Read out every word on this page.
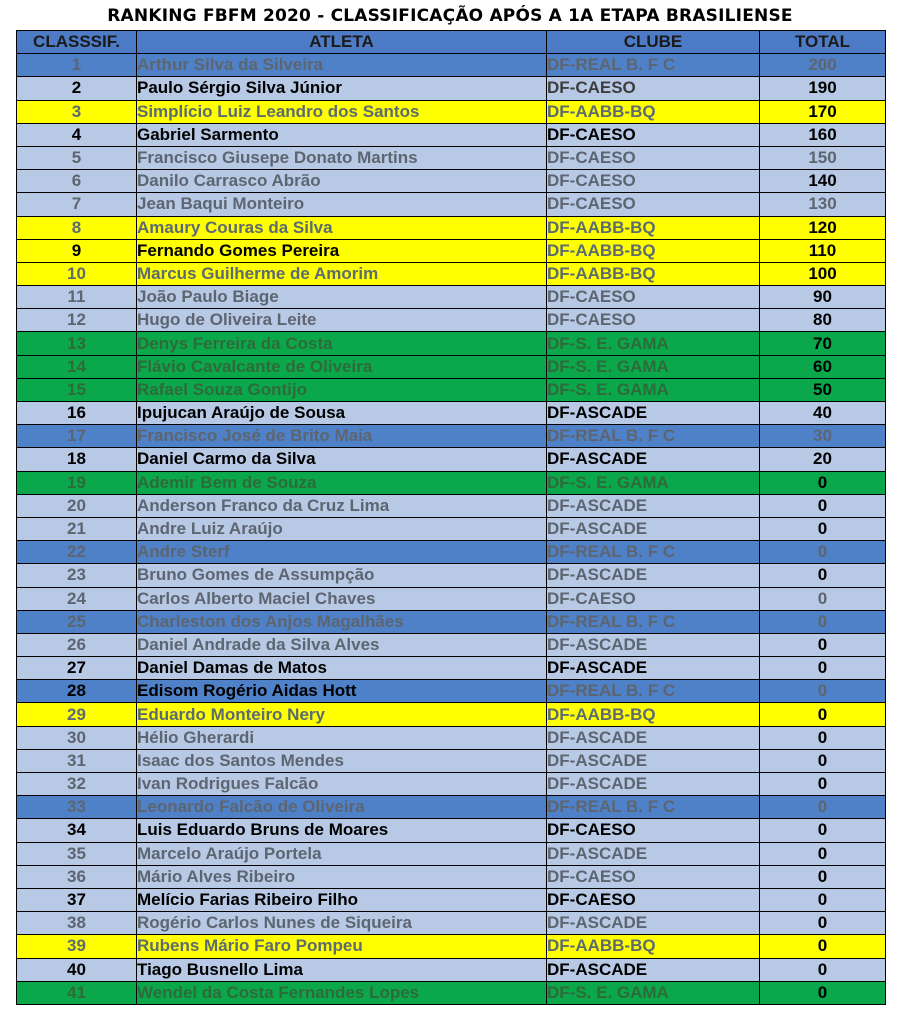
RANKING FBFM 2020 - CLASSIFICAÇÃO APÓS A 1A ETAPA BRASILIENSE
CLASSSIF.	ATLETA	CLUBE	TOTAL
1	Arthur Silva da Silveira	DF-REAL B. F C	200
2	Paulo Sérgio Silva Júnior	DF-CAESO	190
3	Simplício Luiz Leandro dos Santos	DF-AABB-BQ	170
4	Gabriel Sarmento	DF-CAESO	160
5	Francisco Giusepe Donato Martins	DF-CAESO	150
6	Danilo Carrasco Abrão	DF-CAESO	140
7	Jean Baqui Monteiro	DF-CAESO	130
8	Amaury Couras da Silva	DF-AABB-BQ	120
9	Fernando Gomes Pereira	DF-AABB-BQ	110
10	Marcus Guilherme de Amorim	DF-AABB-BQ	100
11	João Paulo Biage	DF-CAESO	90
12	Hugo de Oliveira Leite	DF-CAESO	80
13	Denys Ferreira da Costa	DF-S. E. GAMA	70
14	Flávio Cavalcante de Oliveira	DF-S. E. GAMA	60
15	Rafael Souza Gontijo	DF-S. E. GAMA	50
16	Ipujucan Araújo de Sousa	DF-ASCADE	40
17	Francisco José de Brito Maia	DF-REAL B. F C	30
18	Daniel Carmo da Silva	DF-ASCADE	20
19	Ademir Bem de Souza	DF-S. E. GAMA	0
20	Anderson Franco da Cruz Lima	DF-ASCADE	0
21	Andre Luiz Araújo	DF-ASCADE	0
22	Andre Sterf	DF-REAL B. F C	0
23	Bruno Gomes de Assumpção	DF-ASCADE	0
24	Carlos Alberto Maciel Chaves	DF-CAESO	0
25	Charleston dos Anjos Magalhães	DF-REAL B. F C	0
26	Daniel Andrade da Silva Alves	DF-ASCADE	0
27	Daniel Damas de Matos	DF-ASCADE	0
28	Edisom Rogério Aidas Hott	DF-REAL B. F C	0
29	Eduardo Monteiro Nery	DF-AABB-BQ	0
30	Hélio Gherardi	DF-ASCADE	0
31	Isaac dos Santos Mendes	DF-ASCADE	0
32	Ivan Rodrigues Falcão	DF-ASCADE	0
33	Leonardo Falcão de Oliveira	DF-REAL B. F C	0
34	Luis Eduardo Bruns de Moares	DF-CAESO	0
35	Marcelo Araújo Portela	DF-ASCADE	0
36	Mário Alves Ribeiro	DF-CAESO	0
37	Melício Farias Ribeiro Filho	DF-CAESO	0
38	Rogério Carlos Nunes de Siqueira	DF-ASCADE	0
39	Rubens Mário Faro Pompeu	DF-AABB-BQ	0
40	Tiago Busnello Lima	DF-ASCADE	0
41	Wendel da Costa Fernandes Lopes	DF-S. E. GAMA	0
